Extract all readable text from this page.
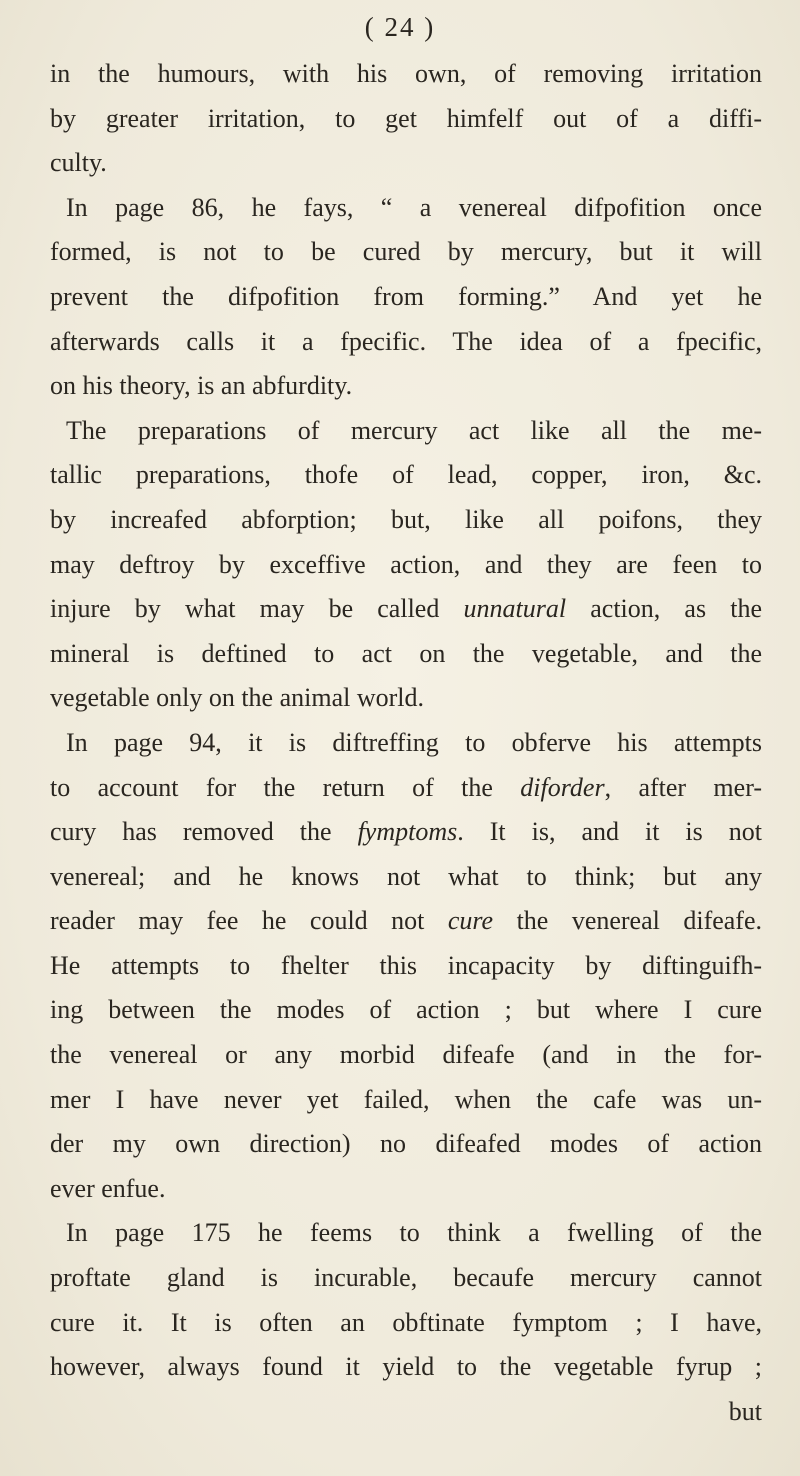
( 24 )
in the humours, with his own, of removing irritation
by greater irritation, to get himfelf out of a diffi-
culty.
In page 86, he fays, “ a venereal difpofition once
formed, is not to be cured by mercury, but it will
prevent the difpofition from forming.” And yet he
afterwards calls it a fpecific. The idea of a fpecific,
on his theory, is an abfurdity.
The preparations of mercury act like all the me-
tallic preparations, thofe of lead, copper, iron, &c.
by increafed abforption; but, like all poifons, they
may deftroy by exceffive action, and they are feen to
injure by what may be called unnatural action, as the
mineral is deftined to act on the vegetable, and the
vegetable only on the animal world.
In page 94, it is diftreffing to obferve his attempts
to account for the return of the diforder, after mer-
cury has removed the fymptoms. It is, and it is not
venereal; and he knows not what to think; but any
reader may fee he could not cure the venereal difeafe.
He attempts to fhelter this incapacity by diftinguifh-
ing between the modes of action ; but where I cure
the venereal or any morbid difeafe (and in the for-
mer I have never yet failed, when the cafe was un-
der my own direction) no difeafed modes of action
ever enfue.
In page 175 he feems to think a fwelling of the
proftate gland is incurable, becaufe mercury cannot
cure it. It is often an obftinate fymptom ; I have,
however, always found it yield to the vegetable fyrup ;
but
